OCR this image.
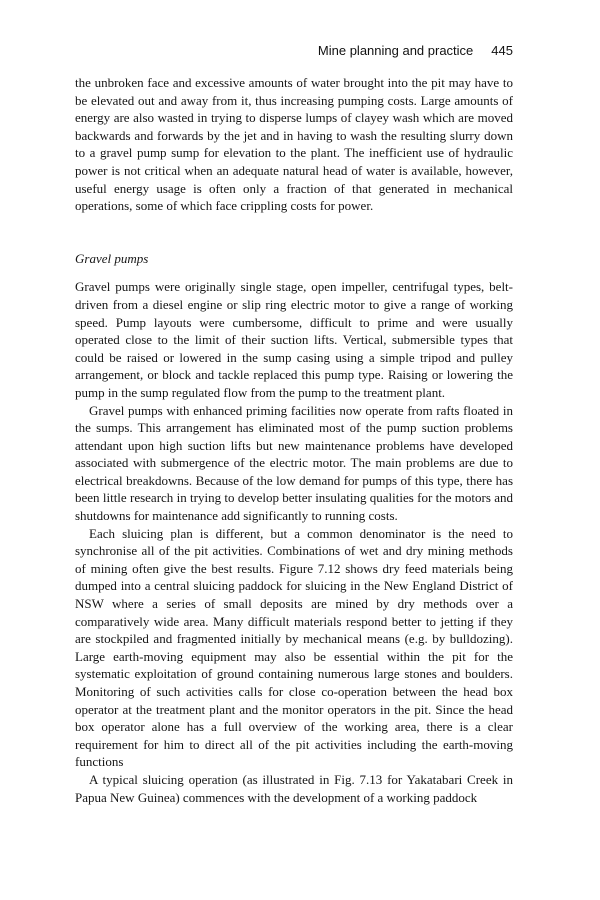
Mine planning and practice 445

the unbroken face and excessive amounts of water brought into the pit may have to be elevated out and away from it, thus increasing pumping costs. Large amounts of energy are also wasted in trying to disperse lumps of clayey wash which are moved backwards and forwards by the jet and in having to wash the resulting slurry down to a gravel pump sump for elevation to the plant. The inefficient use of hydraulic power is not critical when an adequate natural head of water is available, however, useful energy usage is often only a fraction of that generated in mechanical operations, some of which face crippling costs for power.

Gravel pumps

Gravel pumps were originally single stage, open impeller, centrifugal types, belt-driven from a diesel engine or slip ring electric motor to give a range of working speed. Pump layouts were cumbersome, difficult to prime and were usually operated close to the limit of their suction lifts. Vertical, submersible types that could be raised or lowered in the sump casing using a simple tripod and pulley arrangement, or block and tackle replaced this pump type. Raising or lowering the pump in the sump regulated flow from the pump to the treatment plant.

Gravel pumps with enhanced priming facilities now operate from rafts floated in the sumps. This arrangement has eliminated most of the pump suction problems attendant upon high suction lifts but new maintenance problems have developed associated with submergence of the electric motor. The main problems are due to electrical breakdowns. Because of the low demand for pumps of this type, there has been little research in trying to develop better insulating qualities for the motors and shutdowns for maintenance add significantly to running costs.

Each sluicing plan is different, but a common denominator is the need to synchronise all of the pit activities. Combinations of wet and dry mining methods of mining often give the best results. Figure 7.12 shows dry feed materials being dumped into a central sluicing paddock for sluicing in the New England District of NSW where a series of small deposits are mined by dry methods over a comparatively wide area. Many difficult materials respond better to jetting if they are stockpiled and fragmented initially by mechanical means (e.g. by bulldozing). Large earth-moving equipment may also be essential within the pit for the systematic exploitation of ground containing numerous large stones and boulders. Monitoring of such activities calls for close co-operation between the head box operator at the treatment plant and the monitor operators in the pit. Since the head box operator alone has a full overview of the working area, there is a clear requirement for him to direct all of the pit activities including the earth-moving functions

A typical sluicing operation (as illustrated in Fig. 7.13 for Yakatabari Creek in Papua New Guinea) commences with the development of a working paddock
